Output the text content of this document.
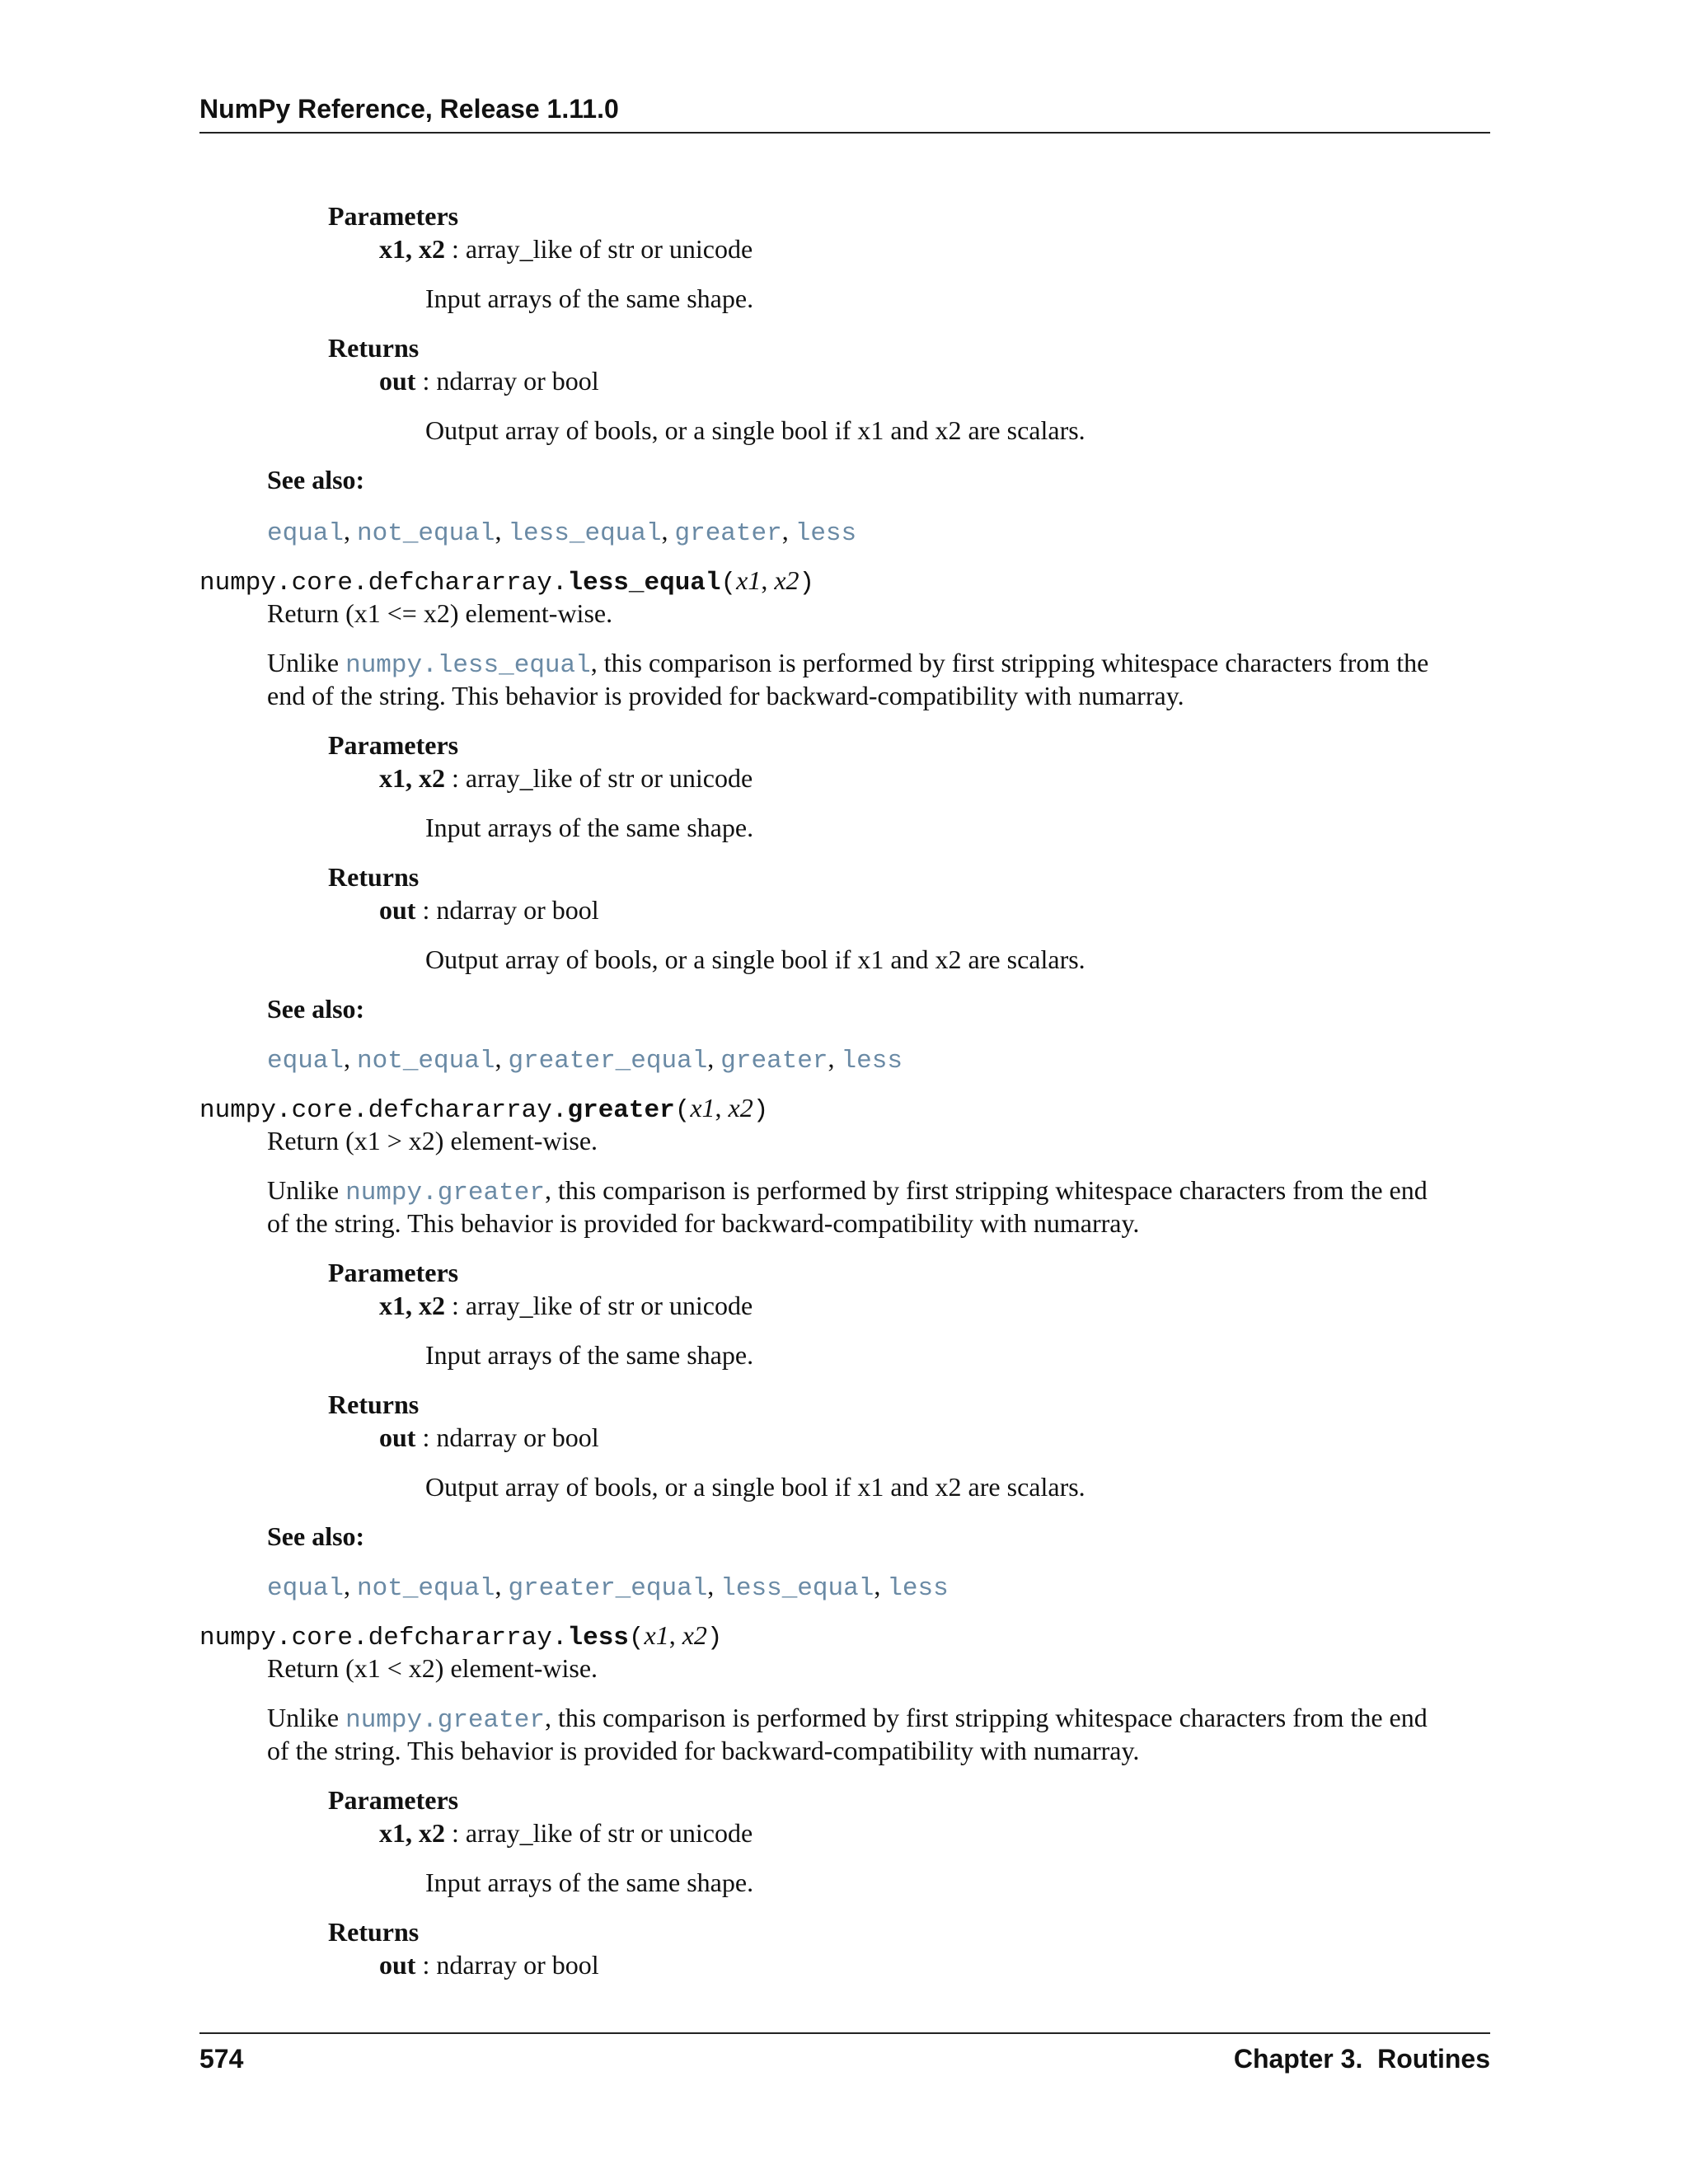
NumPy Reference, Release 1.11.0
Parameters
x1, x2 : array_like of str or unicode
Input arrays of the same shape.
Returns
out : ndarray or bool
Output array of bools, or a single bool if x1 and x2 are scalars.
See also:
equal, not_equal, less_equal, greater, less
numpy.core.defchararray.less_equal(x1, x2)
Return (x1 <= x2) element-wise.
Unlike numpy.less_equal, this comparison is performed by first stripping whitespace characters from the
end of the string. This behavior is provided for backward-compatibility with numarray.
Parameters
x1, x2 : array_like of str or unicode
Input arrays of the same shape.
Returns
out : ndarray or bool
Output array of bools, or a single bool if x1 and x2 are scalars.
See also:
equal, not_equal, greater_equal, greater, less
numpy.core.defchararray.greater(x1, x2)
Return (x1 > x2) element-wise.
Unlike numpy.greater, this comparison is performed by first stripping whitespace characters from the end
of the string. This behavior is provided for backward-compatibility with numarray.
Parameters
x1, x2 : array_like of str or unicode
Input arrays of the same shape.
Returns
out : ndarray or bool
Output array of bools, or a single bool if x1 and x2 are scalars.
See also:
equal, not_equal, greater_equal, less_equal, less
numpy.core.defchararray.less(x1, x2)
Return (x1 < x2) element-wise.
Unlike numpy.greater, this comparison is performed by first stripping whitespace characters from the end
of the string. This behavior is provided for backward-compatibility with numarray.
Parameters
x1, x2 : array_like of str or unicode
Input arrays of the same shape.
Returns
out : ndarray or bool
574	Chapter 3.  Routines
